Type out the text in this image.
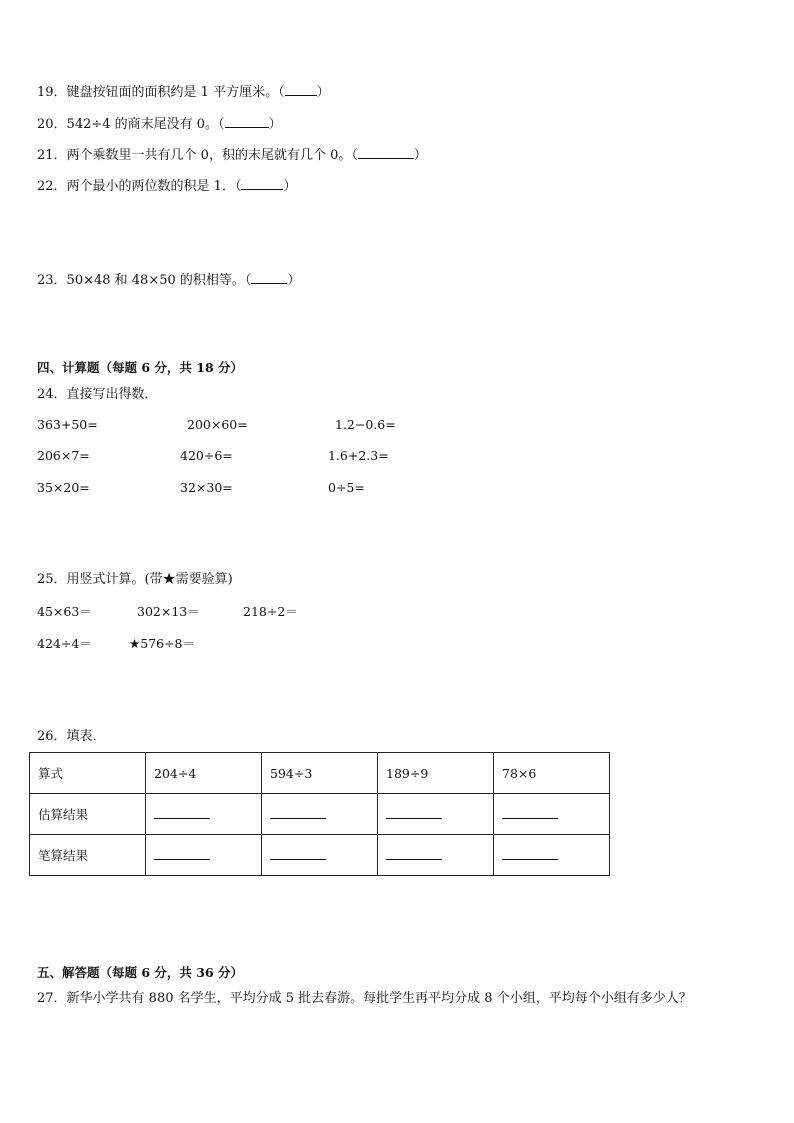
19．键盘按钮面的面积约是 1 平方厘米。（ ）
20．542÷4 的商末尾没有 0。（	）
21．两个乘数里一共有几个 0，积的末尾就有几个 0。（	）
22．两个最小的两位数的积是 1．（	）
23．50×48 和 48×50 的积相等。（	）
四、计算题（每题 6 分，共 18 分）
24．直接写出得数．
363+50=	200×60=	1.2−0.6=
206×7=	420÷6=	1.6+2.3=
35×20=	32×30=	0÷5=
25．用竖式计算。(带★需要验算)
45×63＝	302×13＝	218÷2＝
424÷4＝	★576÷8＝
26．填表．
算式	204÷4	594÷3	189÷9	78×6
估算结果				
笔算结果				
五、解答题（每题 6 分，共 36 分）
27．新华小学共有 880 名学生，平均分成 5 批去春游。每批学生再平均分成 8 个小组，平均每个小组有多少人？
